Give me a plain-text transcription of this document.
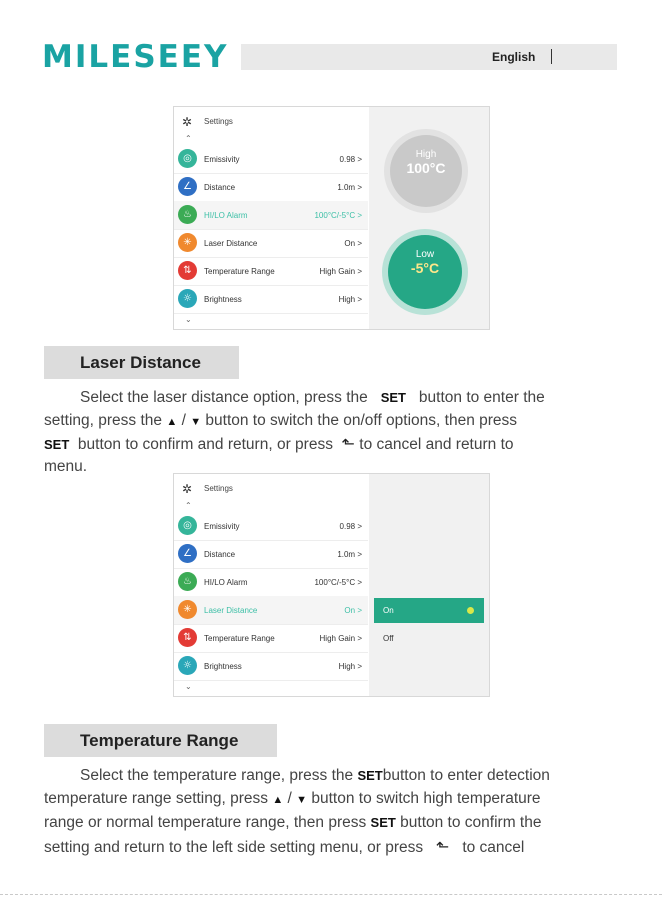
MILESEEY	English
✲ Settings
⌃
◎	Emissivity	0.98 >
∠	Distance	1.0m >
♨	HI/LO Alarm	100°C/-5°C >
✳	Laser Distance	On >
⇅	Temperature Range	High Gain >
☼	Brightness	High >
⌄
High
100°C
Low
-5°C
Laser Distance
Select the laser distance option, press the SET button to enter the
setting, press the ▲ / ▼ button to switch the on/off options, then press
SET button to confirm and return, or press ⬑ to cancel and return to
menu.
✲ Settings
⌃
◎	Emissivity	0.98 >
∠	Distance	1.0m >
♨	HI/LO Alarm	100°C/-5°C >
✳	Laser Distance	On >
⇅	Temperature Range	High Gain >
☼	Brightness	High >
⌄
On
Off
Temperature Range
Select the temperature range, press the SETbutton to enter detection
temperature range setting, press ▲ / ▼ button to switch high temperature
range or normal temperature range, then press SET button to confirm the
setting and return to the left side setting menu, or press ⬑ to cancel
